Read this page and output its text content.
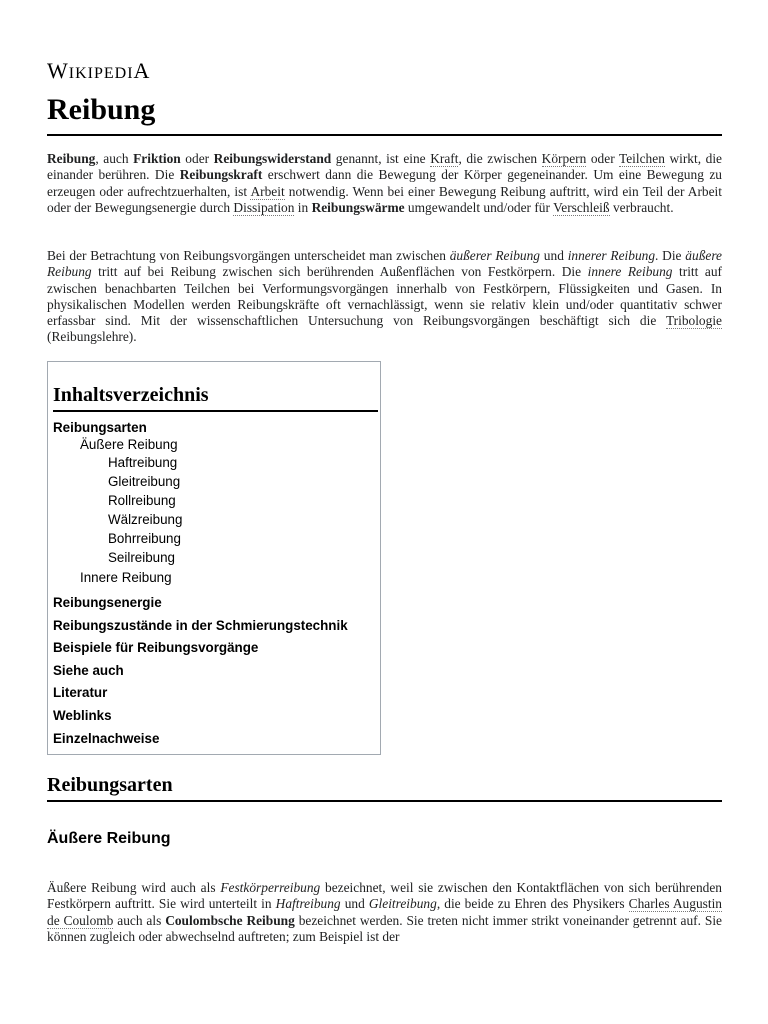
WIKIPEDIA
Reibung

Reibung, auch Friktion oder Reibungswiderstand genannt, ist eine Kraft, die zwischen Körpern oder Teilchen wirkt, die einander berühren. Die Reibungskraft erschwert dann die Bewegung der Körper gegeneinander. Um eine Bewegung zu erzeugen oder aufrechtzuerhalten, ist Arbeit notwendig. Wenn bei einer Bewegung Reibung auftritt, wird ein Teil der Arbeit oder der Bewegungsenergie durch Dissipation in Reibungswärme umgewandelt und/oder für Verschleiß verbraucht.

Bei der Betrachtung von Reibungsvorgängen unterscheidet man zwischen äußerer Reibung und innerer Reibung. Die äußere Reibung tritt auf bei Reibung zwischen sich berührenden Außenflächen von Festkörpern. Die innere Reibung tritt auf zwischen benachbarten Teilchen bei Verformungsvorgängen innerhalb von Festkörpern, Flüssigkeiten und Gasen. In physikalischen Modellen werden Reibungskräfte oft vernachlässigt, wenn sie relativ klein und/oder quantitativ schwer erfassbar sind. Mit der wissenschaftlichen Untersuchung von Reibungsvorgängen beschäftigt sich die Tribologie (Reibungslehre).

Inhaltsverzeichnis
Reibungsarten
Äußere Reibung
Haftreibung
Gleitreibung
Rollreibung
Wälzreibung
Bohrreibung
Seilreibung
Innere Reibung
Reibungsenergie
Reibungszustände in der Schmierungstechnik
Beispiele für Reibungsvorgänge
Siehe auch
Literatur
Weblinks
Einzelnachweise
Reibungsarten
Äußere Reibung

Äußere Reibung wird auch als Festkörperreibung bezeichnet, weil sie zwischen den Kontaktflächen von sich berührenden Festkörpern auftritt. Sie wird unterteilt in Haftreibung und Gleitreibung, die beide zu Ehren des Physikers Charles Augustin de Coulomb auch als Coulombsche Reibung bezeichnet werden. Sie treten nicht immer strikt voneinander getrennt auf. Sie können zugleich oder abwechselnd auftreten; zum Beispiel ist der
